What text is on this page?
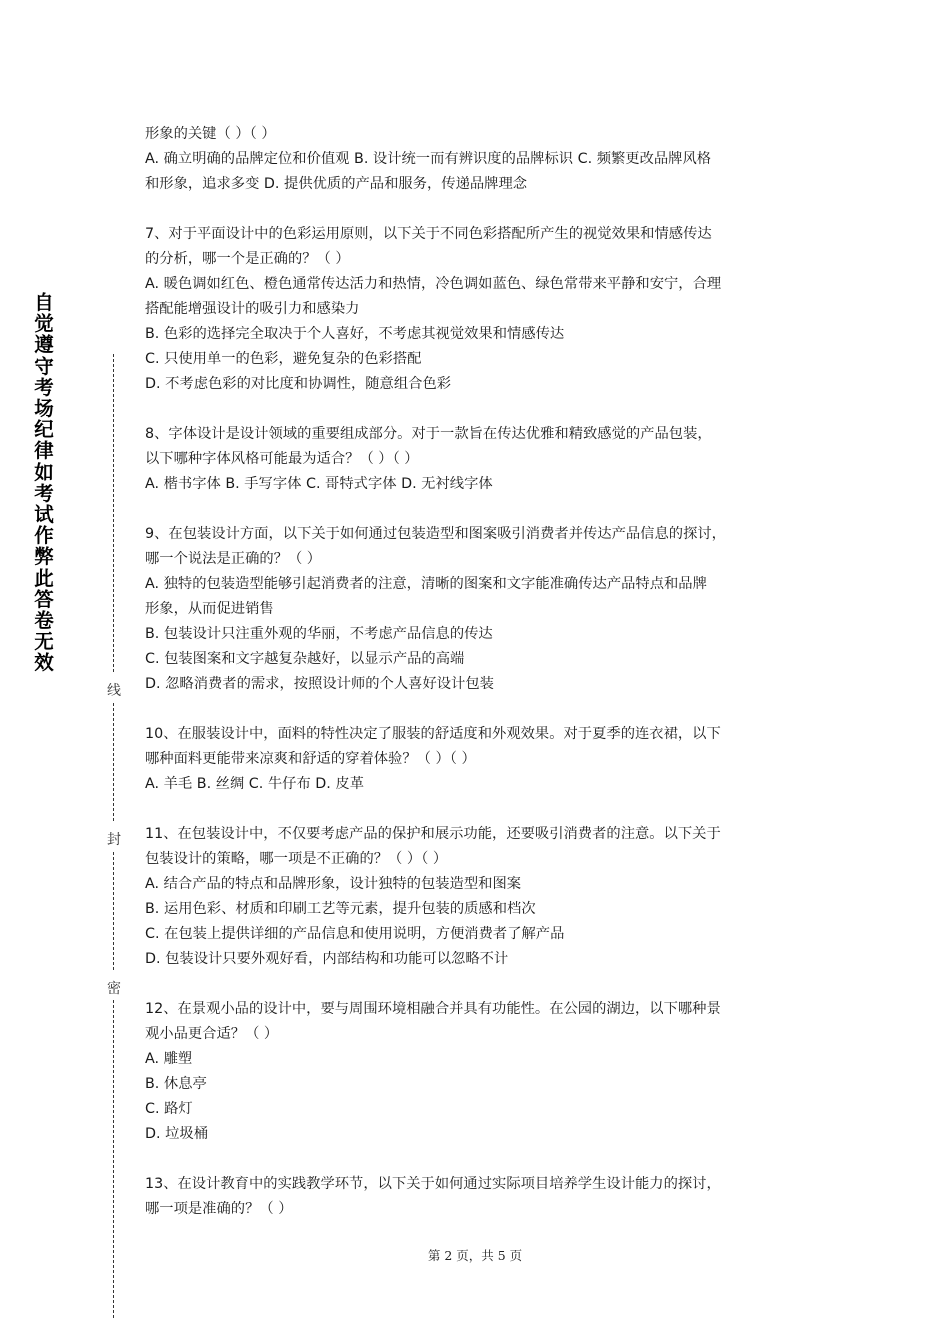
自
觉
遵
守
考
场
纪
律
如
考
试
作
弊
此
答
卷
无
效
线
封
密

形象的关键（ ）（ ）

A. 确立明确的品牌定位和价值观 B. 设计统一而有辨识度的品牌标识 C. 频繁更改品牌风格

和形象，追求多变 D. 提供优质的产品和服务，传递品牌理念

7、对于平面设计中的色彩运用原则，以下关于不同色彩搭配所产生的视觉效果和情感传达

的分析，哪一个是正确的？（ ）

A. 暖色调如红色、橙色通常传达活力和热情，冷色调如蓝色、绿色常带来平静和安宁，合理

搭配能增强设计的吸引力和感染力

B. 色彩的选择完全取决于个人喜好，不考虑其视觉效果和情感传达

C. 只使用单一的色彩，避免复杂的色彩搭配

D. 不考虑色彩的对比度和协调性，随意组合色彩

8、字体设计是设计领域的重要组成部分。对于一款旨在传达优雅和精致感觉的产品包装，

以下哪种字体风格可能最为适合？（ ）（ ）

A. 楷书字体 B. 手写字体 C. 哥特式字体 D. 无衬线字体

9、在包装设计方面，以下关于如何通过包装造型和图案吸引消费者并传达产品信息的探讨，

哪一个说法是正确的？（ ）

A. 独特的包装造型能够引起消费者的注意，清晰的图案和文字能准确传达产品特点和品牌

形象，从而促进销售

B. 包装设计只注重外观的华丽，不考虑产品信息的传达

C. 包装图案和文字越复杂越好，以显示产品的高端

D. 忽略消费者的需求，按照设计师的个人喜好设计包装

10、在服装设计中，面料的特性决定了服装的舒适度和外观效果。对于夏季的连衣裙，以下

哪种面料更能带来凉爽和舒适的穿着体验？（ ）（ ）

A. 羊毛 B. 丝绸 C. 牛仔布 D. 皮革

11、在包装设计中，不仅要考虑产品的保护和展示功能，还要吸引消费者的注意。以下关于

包装设计的策略，哪一项是不正确的？（ ）（ ）

A. 结合产品的特点和品牌形象，设计独特的包装造型和图案

B. 运用色彩、材质和印刷工艺等元素，提升包装的质感和档次

C. 在包装上提供详细的产品信息和使用说明，方便消费者了解产品

D. 包装设计只要外观好看，内部结构和功能可以忽略不计

12、在景观小品的设计中，要与周围环境相融合并具有功能性。在公园的湖边，以下哪种景

观小品更合适？（ ）

A. 雕塑

B. 休息亭

C. 路灯

D. 垃圾桶

13、在设计教育中的实践教学环节，以下关于如何通过实际项目培养学生设计能力的探讨，

哪一项是准确的？（ ）

第 2 页，共 5 页
